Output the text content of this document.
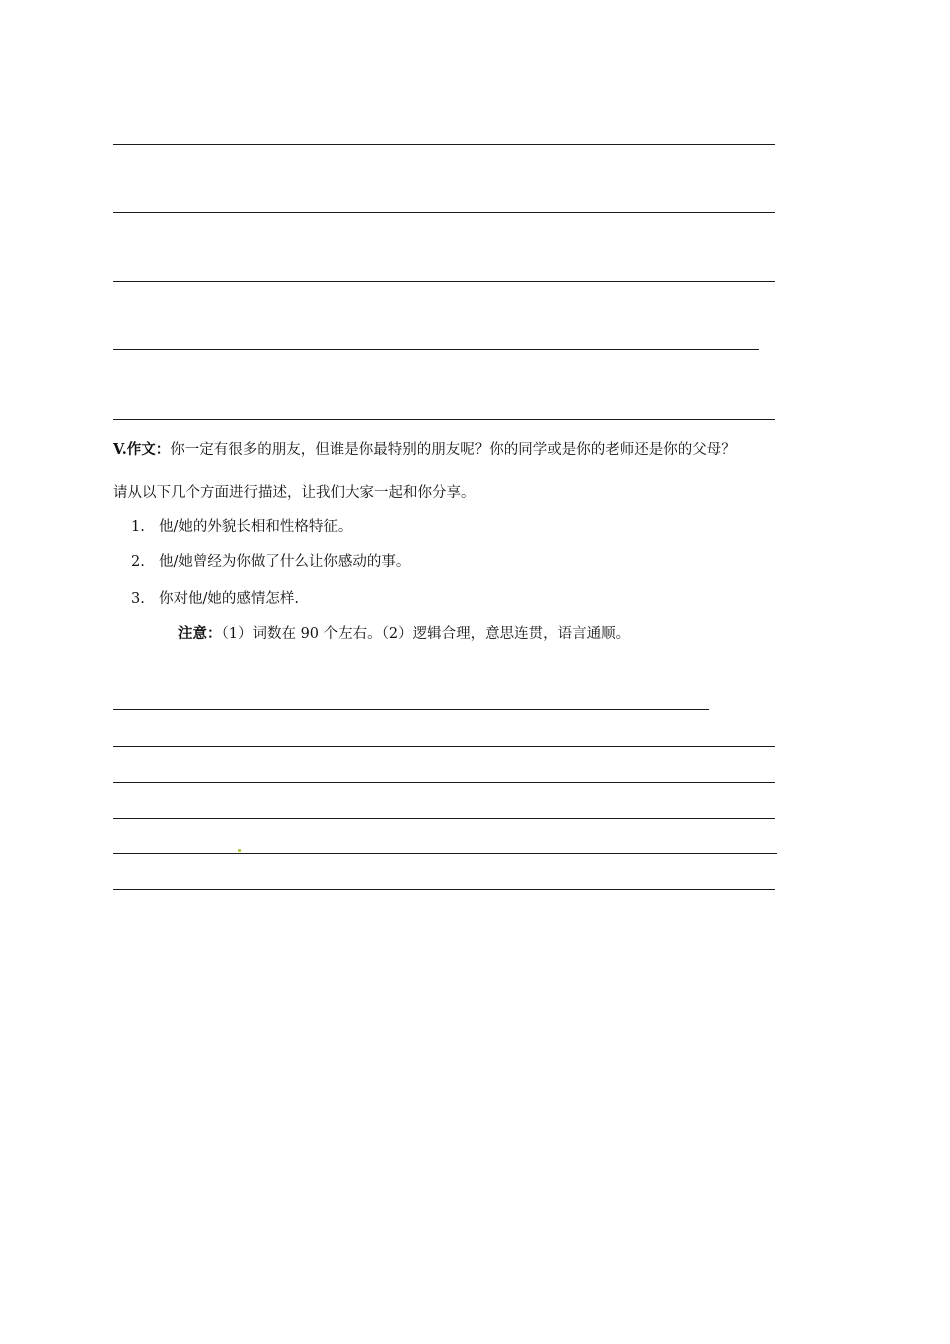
V.作文：你一定有很多的朋友，但谁是你最特别的朋友呢？你的同学或是你的老师还是你的父母？
请从以下几个方面进行描述，让我们大家一起和你分享。
1. 他/她的外貌长相和性格特征。
2. 他/她曾经为你做了什么让你感动的事。
3. 你对他/她的感情怎样.
注意：（1）词数在 90 个左右。（2）逻辑合理，意思连贯，语言通顺。
